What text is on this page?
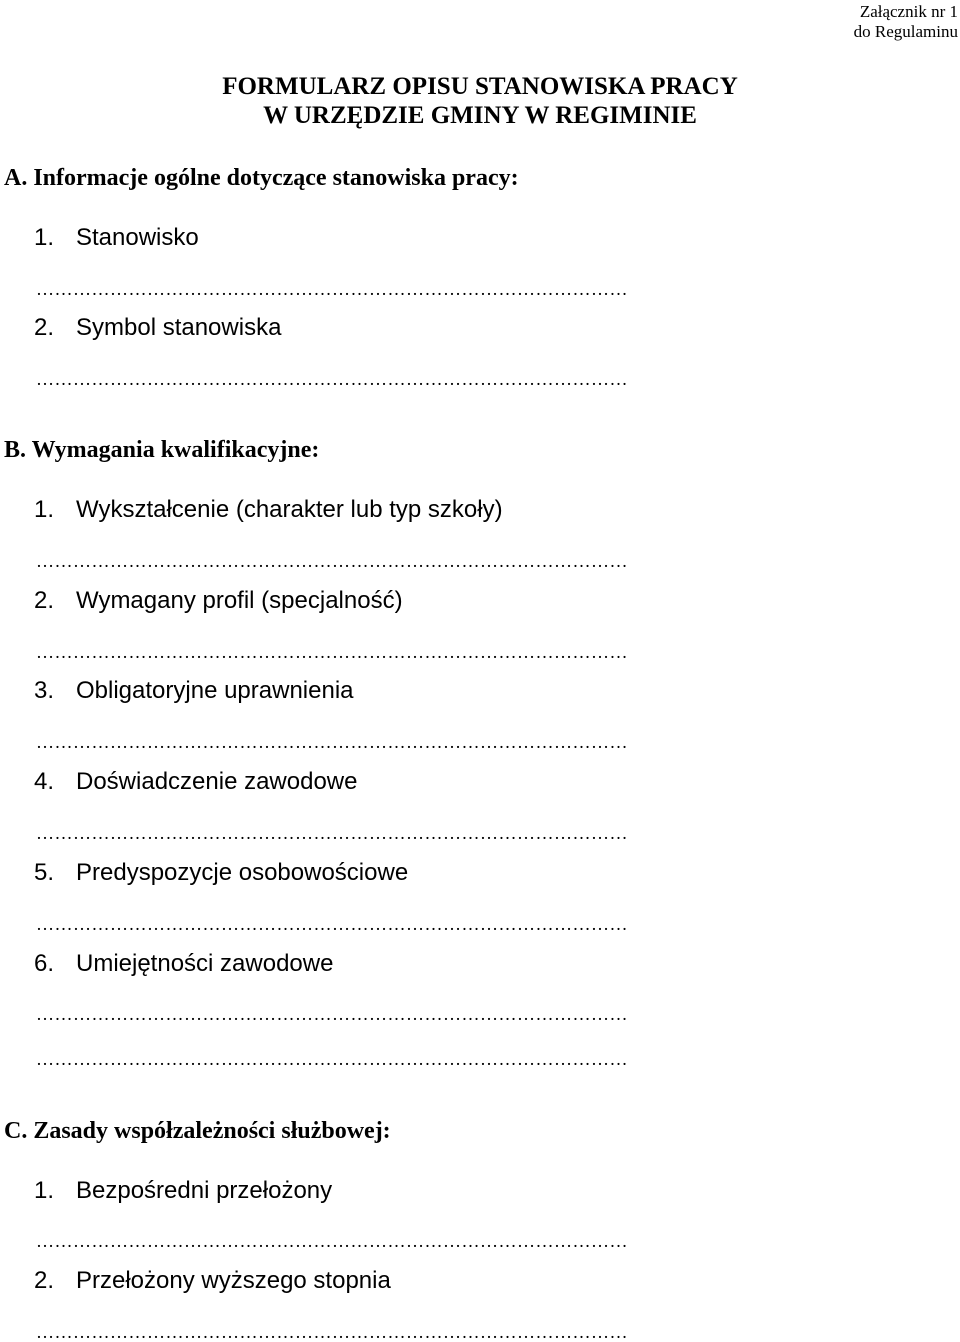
Załącznik nr 1
do Regulaminu
FORMULARZ OPISU STANOWISKA PRACY
W URZĘDZIE GMINY W REGIMINIE
A. Informacje ogólne dotyczące stanowiska pracy:
1. Stanowisko
……………………………………………………………………………………
2. Symbol stanowiska
……………………………………………………………………………………
B. Wymagania kwalifikacyjne:
1. Wykształcenie (charakter lub typ szkoły)
……………………………………………………………………………………
2. Wymagany profil (specjalność)
……………………………………………………………………………………
3. Obligatoryjne uprawnienia
……………………………………………………………………………………
4. Doświadczenie zawodowe
……………………………………………………………………………………
5. Predyspozycje osobowościowe
……………………………………………………………………………………
6. Umiejętności zawodowe
……………………………………………………………………………………
……………………………………………………………………………………
C. Zasady współzależności służbowej:
1. Bezpośredni przełożony
……………………………………………………………………………………
2. Przełożony wyższego stopnia
……………………………………………………………………………………
